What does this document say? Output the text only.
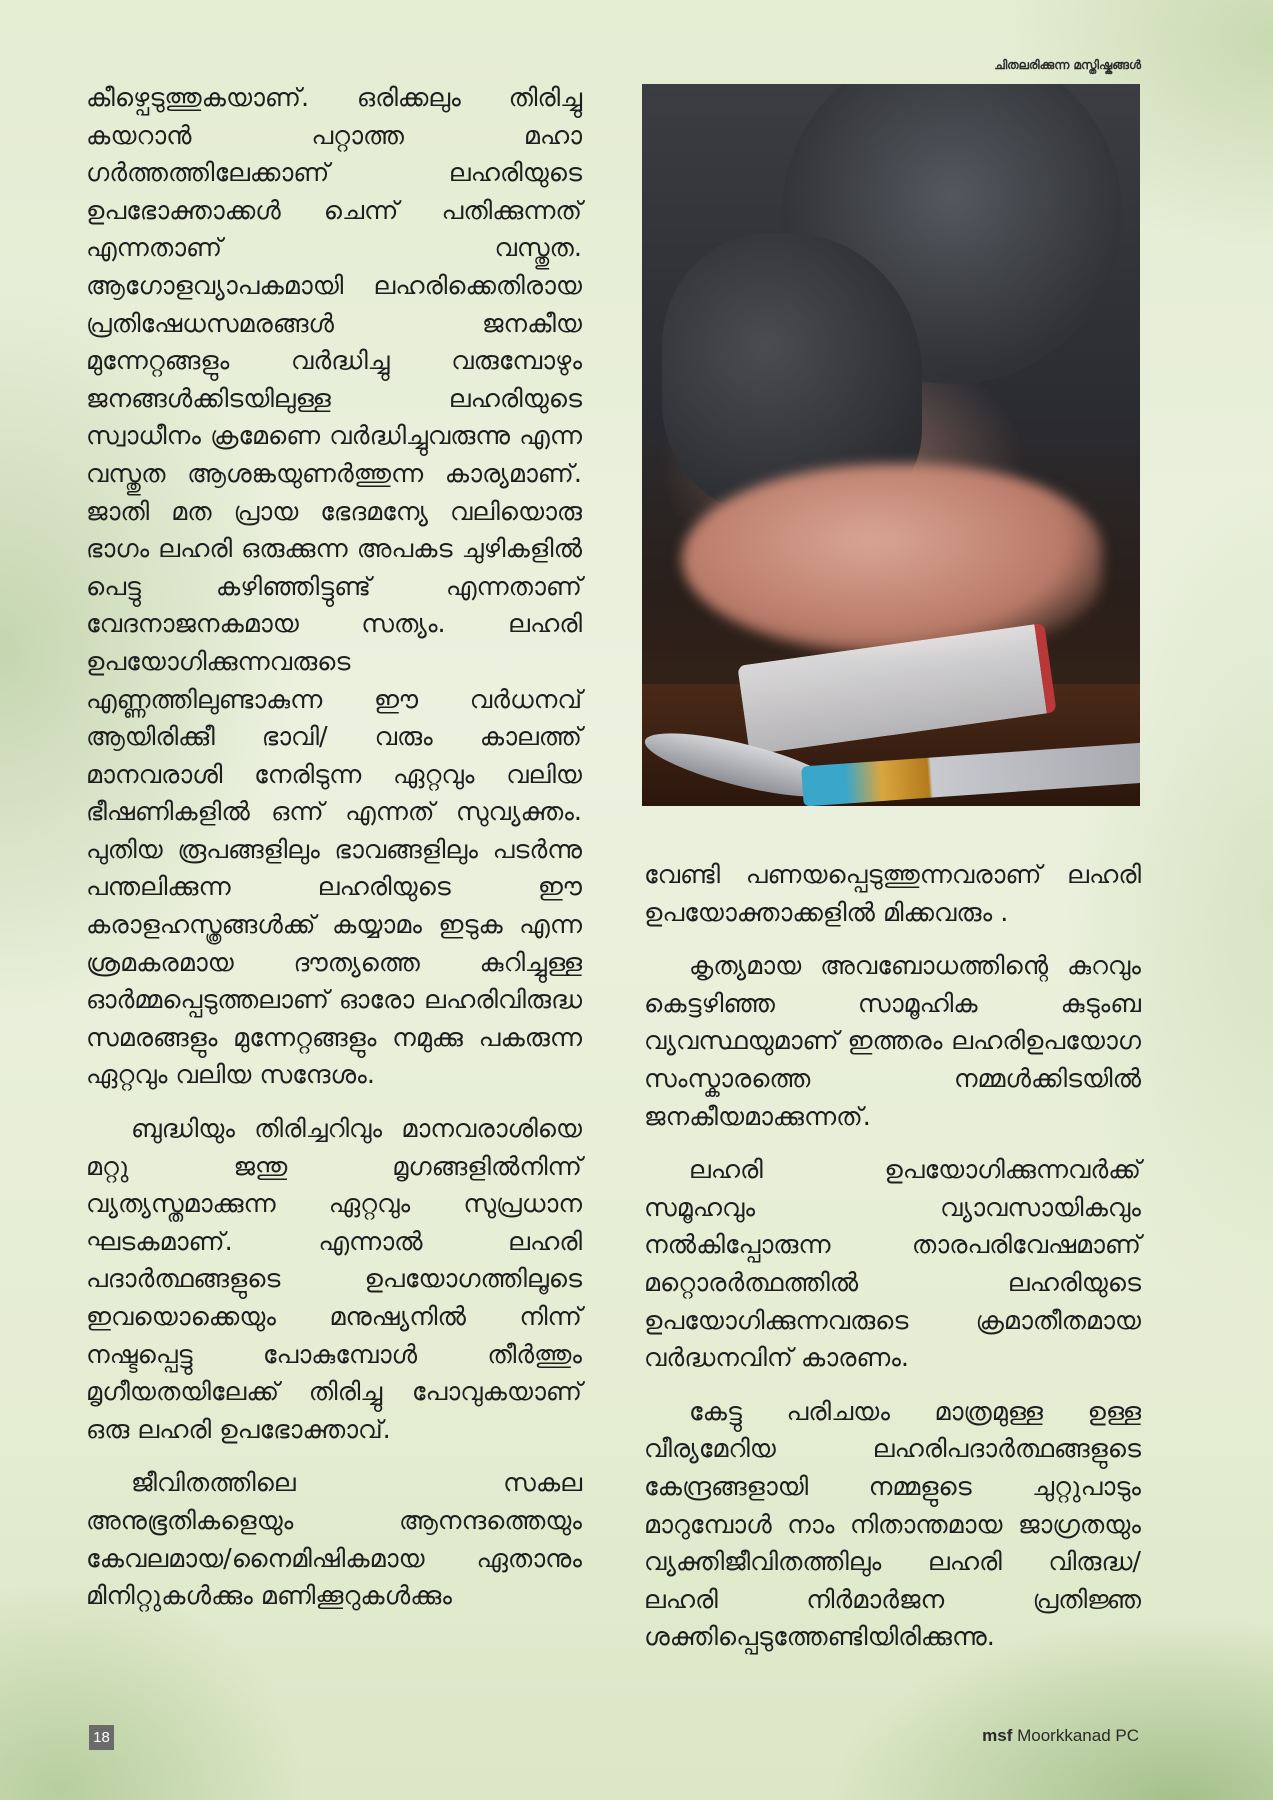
ചിതലരിക്കുന്ന മസ്തിഷ്കങ്ങൾ

കീഴ്പെടുത്തുകയാണ്. ഒരിക്കലും തിരിച്ചു കയറാൻ പറ്റാത്ത മഹാ ഗർത്തത്തിലേക്കാണ് ലഹരിയുടെ ഉപഭോക്താക്കൾ ചെന്ന് പതിക്കുന്നത് എന്നതാണ് വസ്തുത. ആഗോളവ്യാപകമായി ലഹരിക്കെതിരായ പ്രതിഷേധസമരങ്ങൾ ജനകീയ മുന്നേറ്റങ്ങളും വർദ്ധിച്ചു വരുമ്പോഴും ജനങ്ങൾക്കിടയിലുള്ള ലഹരിയുടെ സ്വാധീനം ക്രമേണെ വർദ്ധിച്ചുവരുന്നു എന്ന വസ്തുത ആശങ്കയുണർത്തുന്ന കാര്യമാണ്. ജാതി മത പ്രായ ഭേദമന്യേ വലിയൊരു ഭാഗം ലഹരി ഒരുക്കുന്ന അപകട ചുഴികളിൽ പെട്ടു കഴിഞ്ഞിട്ടുണ്ട് എന്നതാണ് വേദനാജനകമായ സത്യം. ലഹരി ഉപയോഗിക്കുന്നവരുടെ എണ്ണത്തിലുണ്ടാകുന്ന ഈ വർധനവ് ആയിരിക്കുീ ഭാവി/ വരും കാലത്ത് മാനവരാശി നേരിടുന്ന ഏറ്റവും വലിയ ഭീഷണികളിൽ ഒന്ന് എന്നത് സുവ്യക്തം. പുതിയ രൂപങ്ങളിലും ഭാവങ്ങളിലും പടർന്നു പന്തലിക്കുന്ന ലഹരിയുടെ ഈ കരാളഹസ്ത്രങ്ങൾക്ക് കയ്യാമം ഇടുക എന്ന ശ്രമകരമായ ദൗത്യത്തെ കുറിച്ചുള്ള ഓർമ്മപ്പെടുത്തലാണ് ഓരോ ലഹരിവിരുദ്ധ സമരങ്ങളും മുന്നേറ്റങ്ങളും നമുക്കു പകരുന്ന ഏറ്റവും വലിയ സന്ദേശം.

ബുദ്ധിയും തിരിച്ചറിവും മാനവരാശിയെ മറ്റു ജന്തു മൃഗങ്ങളിൽനിന്ന് വ്യത്യസ്തമാക്കുന്ന ഏറ്റവും സുപ്രധാന ഘടകമാണ്. എന്നാൽ ലഹരി പദാർത്ഥങ്ങളുടെ ഉപയോഗത്തിലൂടെ ഇവയൊക്കെയും മനുഷ്യനിൽ നിന്ന് നഷ്ടപ്പെട്ടു പോകുമ്പോൾ തീർത്തും മൃഗീയതയിലേക്ക് തിരിച്ചു പോവുകയാണ് ഒരു ലഹരി ഉപഭോക്താവ്.

ജീവിതത്തിലെ സകല അനുഭൂതികളെയും ആനന്ദത്തെയും കേവലമായ/നൈമിഷികമായ ഏതാനും മിനിറ്റുകൾക്കും മണിക്കൂറുകൾക്കും

വേണ്ടി പണയപ്പെടുത്തുന്നവരാണ് ലഹരി ഉപയോക്താക്കളിൽ മിക്കവരും .

കൃത്യമായ അവബോധത്തിന്റെ കുറവും കെട്ടഴിഞ്ഞ സാമൂഹിക കുടുംബ വ്യവസ്ഥയുമാണ് ഇത്തരം ലഹരിഉപയോഗ സംസ്കാരത്തെ നമ്മൾക്കിടയിൽ ജനകീയമാക്കുന്നത്.

ലഹരി ഉപയോഗിക്കുന്നവർക്ക് സമൂഹവും വ്യാവസായികവും നൽകിപ്പോരുന്ന താരപരിവേഷമാണ് മറ്റൊരർത്ഥത്തിൽ ലഹരിയുടെ ഉപയോഗിക്കുന്നവരുടെ ക്രമാതീതമായ വർദ്ധനവിന് കാരണം.

കേട്ടു പരിചയം മാത്രമുള്ള ഉള്ള വീര്യമേറിയ ലഹരിപദാർത്ഥങ്ങളുടെ കേന്ദ്രങ്ങളായി നമ്മളുടെ ചുറ്റുപാടും മാറുമ്പോൾ നാം നിതാന്തമായ ജാഗ്രതയും വ്യക്തിജീവിതത്തിലും ലഹരി വിരുദ്ധ/ ലഹരി നിർമാർജന പ്രതിജ്ഞ ശക്തിപ്പെടുത്തേണ്ടിയിരിക്കുന്നു.

18	msf Moorkkanad PC
